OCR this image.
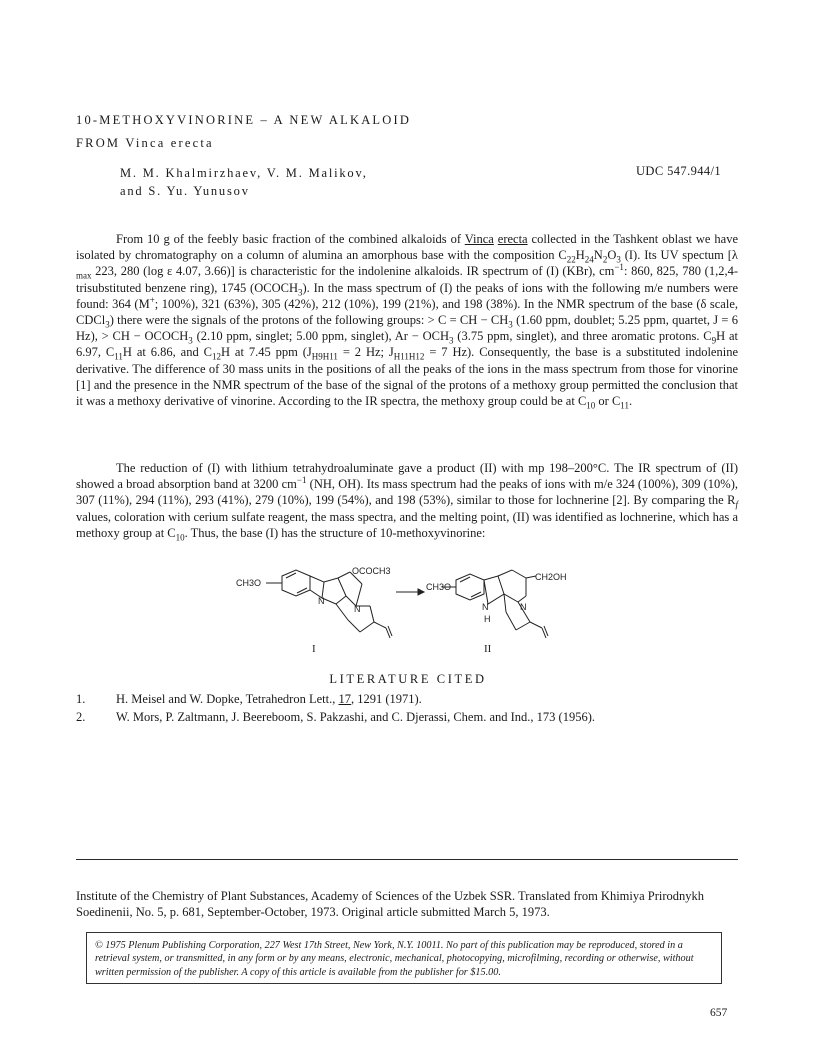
10-METHOXYVINORINE – A NEW ALKALOID
FROM Vinca erecta
M. M. Khalmirzhaev, V. M. Malikov,
and S. Yu. Yunusov
UDC 547.944/1
From 10 g of the feebly basic fraction of the combined alkaloids of Vinca erecta collected in the Tashkent oblast we have isolated by chromatography on a column of alumina an amorphous base with the composition $C_{22}H_{24}N_2O_3$ (I). Its UV spectum [λ $_{max}$ 223, 280 (log ε 4.07, 3.66)] is characteristic for the indolenine alkaloids. IR spectrum of (I) (KBr), $cm^{-1}$: 860, 825, 780 (1,2,4-trisubstituted benzene ring), 1745 $(OCOCH_3)$. In the mass spectrum of (I) the peaks of ions with the following m/e numbers were found: 364 (M+; 100%), 321 (63%), 305 (42%), 212 (10%), 199 (21%), and 198 (38%). In the NMR spectrum of the base (δ scale, CDCl$_3$) there were the signals of the protons of the following groups: > C = CH − $CH_3$ (1.60 ppm, doublet; 5.25 ppm, quartet, J = 6 Hz), > CH − $OCOCH_3$ (2.10 ppm, singlet; 5.00 ppm, singlet), $Ar - OCH_3$ (3.75 ppm, singlet), and three aromatic protons. $C_9H$ at 6.97, $C_{11}H$ at 6.86, and $C_{12}H$ at 7.45 ppm ($J_{H9H11} = 2$ Hz; $J_{H11H12} = 7$ Hz). Consequently, the base is a substituted indolenine derivative. The difference of 30 mass units in the positions of all the peaks of the ions in the mass spectrum from those for vinorine [1] and the presence in the NMR spectrum of the base of the signal of the protons of a methoxy group permitted the conclusion that it was a methoxy derivative of vinorine. According to the IR spectra, the methoxy group could be at $C_{10}$ or $C_{11}$.
The reduction of (I) with lithium tetrahydroaluminate gave a product (II) with mp 198–200°C. The IR spectrum of (II) showed a broad absorption band at 3200 $cm^{-1}$ (NH, OH). Its mass spectrum had the peaks of ions with m/e 324 (100%), 309 (10%), 307 (11%), 294 (11%), 293 (41%), 279 (10%), 199 (54%), and 198 (53%), similar to those for lochnerine [2]. By comparing the $R_f$ values, coloration with cerium sulfate reagent, the mass spectra, and the melting point, (II) was identified as lochnerine, which has a methoxy group at $C_{10}$. Thus, the base (I) has the structure of 10-methoxyvinorine:
CH3O
OCOCH3
N
N
I
CH3O
CH2OH
N
H
N
II
LITERATURE CITED
1. H. Meisel and W. Dopke, Tetrahedron Lett., 17, 1291 (1971).
2. W. Mors, P. Zaltmann, J. Beereboom, S. Pakzashi, and C. Djerassi, Chem. and Ind., 173 (1956).
Institute of the Chemistry of Plant Substances, Academy of Sciences of the Uzbek SSR. Translated from Khimiya Prirodnykh Soedinenii, No. 5, p. 681, September-October, 1973. Original article submitted March 5, 1973.
© 1975 Plenum Publishing Corporation, 227 West 17th Street, New York, N.Y. 10011. No part of this publication may be reproduced, stored in a retrieval system, or transmitted, in any form or by any means, electronic, mechanical, photocopying, microfilming, recording or otherwise, without written permission of the publisher. A copy of this article is available from the publisher for $15.00.
657
